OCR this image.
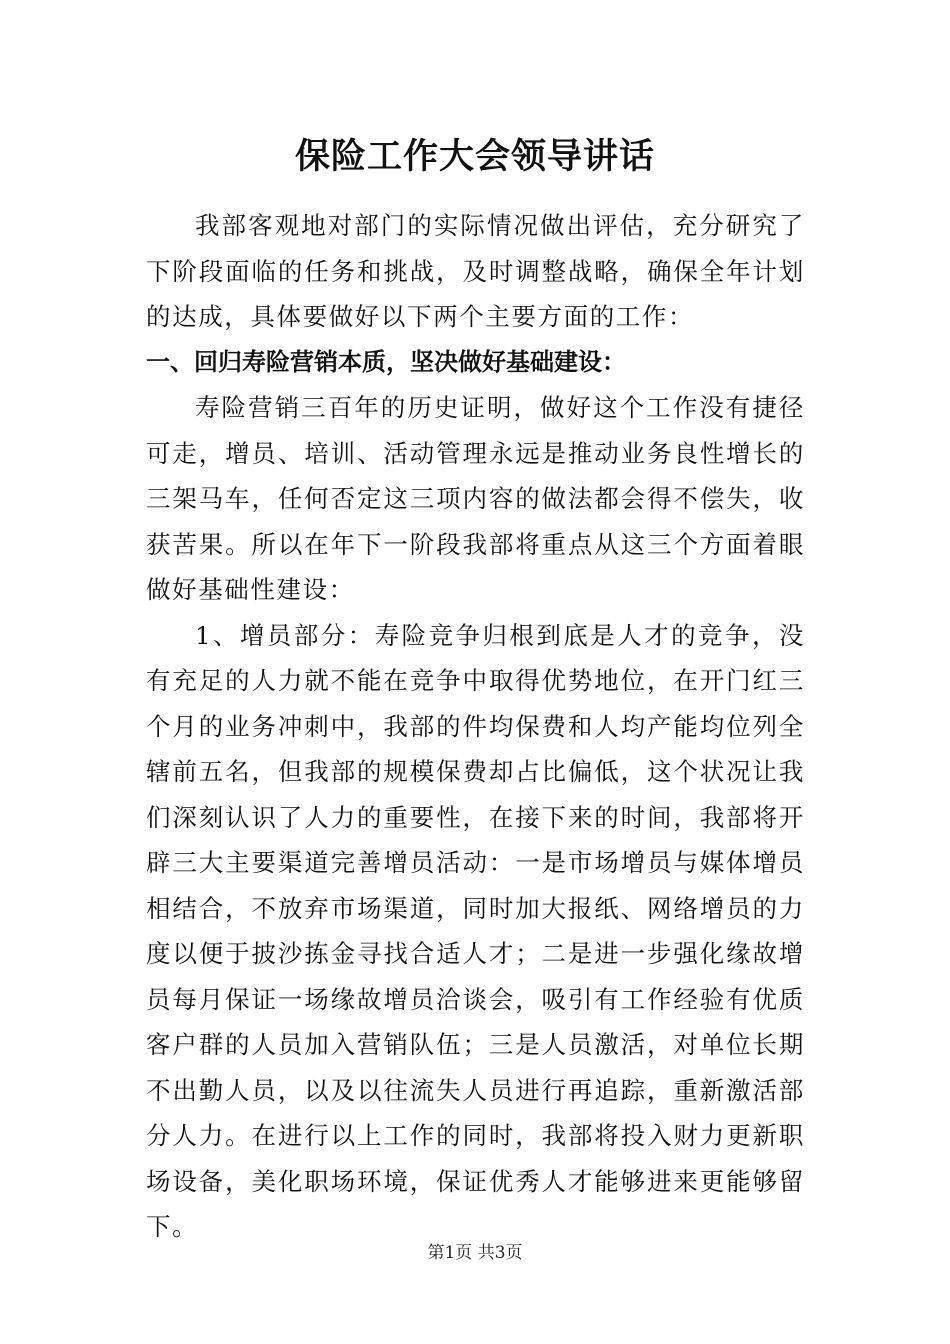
保险工作大会领导讲话

我部客观地对部门的实际情况做出评估，充分研究了下阶段面临的任务和挑战，及时调整战略，确保全年计划的达成，具体要做好以下两个主要方面的工作：

一、回归寿险营销本质，坚决做好基础建设：

寿险营销三百年的历史证明，做好这个工作没有捷径可走，增员、培训、活动管理永远是推动业务良性增长的三架马车，任何否定这三项内容的做法都会得不偿失，收获苦果。所以在年下一阶段我部将重点从这三个方面着眼做好基础性建设：

1、增员部分：寿险竞争归根到底是人才的竞争，没有充足的人力就不能在竞争中取得优势地位，在开门红三个月的业务冲刺中，我部的件均保费和人均产能均位列全辖前五名，但我部的规模保费却占比偏低，这个状况让我们深刻认识了人力的重要性，在接下来的时间，我部将开辟三大主要渠道完善增员活动：一是市场增员与媒体增员相结合，不放弃市场渠道，同时加大报纸、网络增员的力度以便于披沙拣金寻找合适人才；二是进一步强化缘故增员每月保证一场缘故增员洽谈会，吸引有工作经验有优质客户群的人员加入营销队伍；三是人员激活，对单位长期不出勤人员，以及以往流失人员进行再追踪，重新激活部分人力。在进行以上工作的同时，我部将投入财力更新职场设备，美化职场环境，保证优秀人才能够进来更能够留下。

第1页 共3页
